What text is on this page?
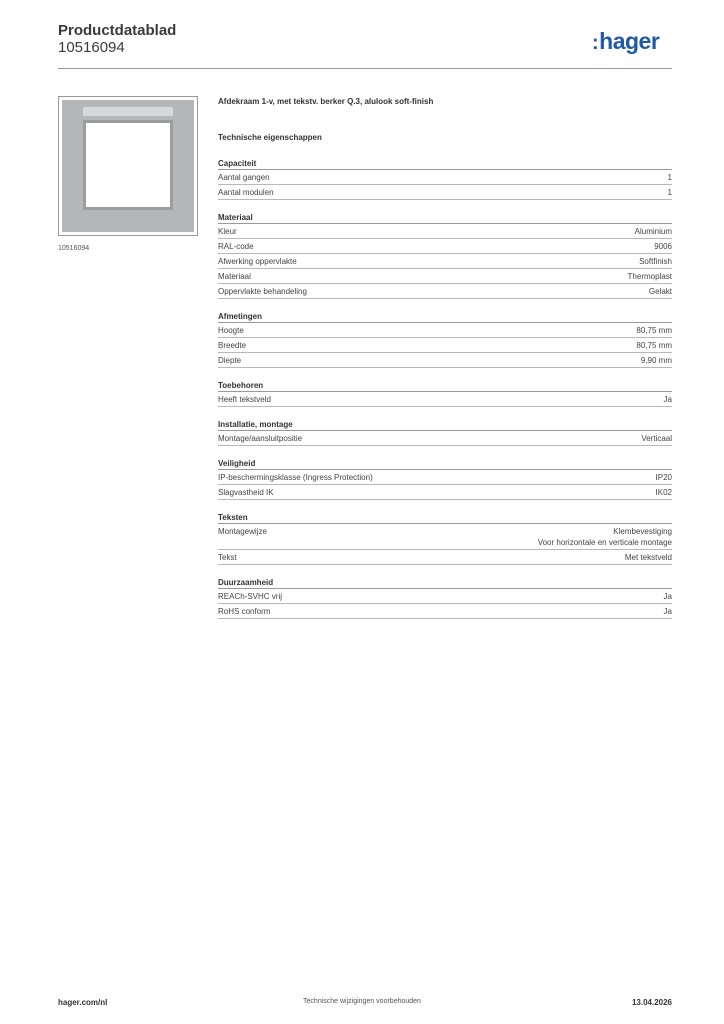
Productdatablad
10516094	:hager
10516094
Afdekraam 1-v, met tekstv. berker Q.3, alulook soft-finish
Technische eigenschappen
Capaciteit
Aantal gangen	1
Aantal modulen	1
Materiaal
Kleur	Aluminium
RAL-code	9006
Afwerking oppervlakte	Softfinish
Materiaal	Thermoplast
Oppervlakte behandeling	Gelakt
Afmetingen
Hoogte	80,75 mm
Breedte	80,75 mm
Diepte	9,90 mm
Toebehoren
Heeft tekstveld	Ja
Installatie, montage
Montage/aansluitpositie	Verticaal
Veiligheid
IP-beschermingsklasse (Ingress Protection)	IP20
Slagvastheid IK	IK02
Teksten
Montagewijze	Klembevestiging
Voor horizontale en verticale montage
Tekst	Met tekstveld
Duurzaamheid
REACh-SVHC vrij	Ja
RoHS conform	Ja
hager.com/nl	Technische wijzigingen voorbehouden	13.04.2026
